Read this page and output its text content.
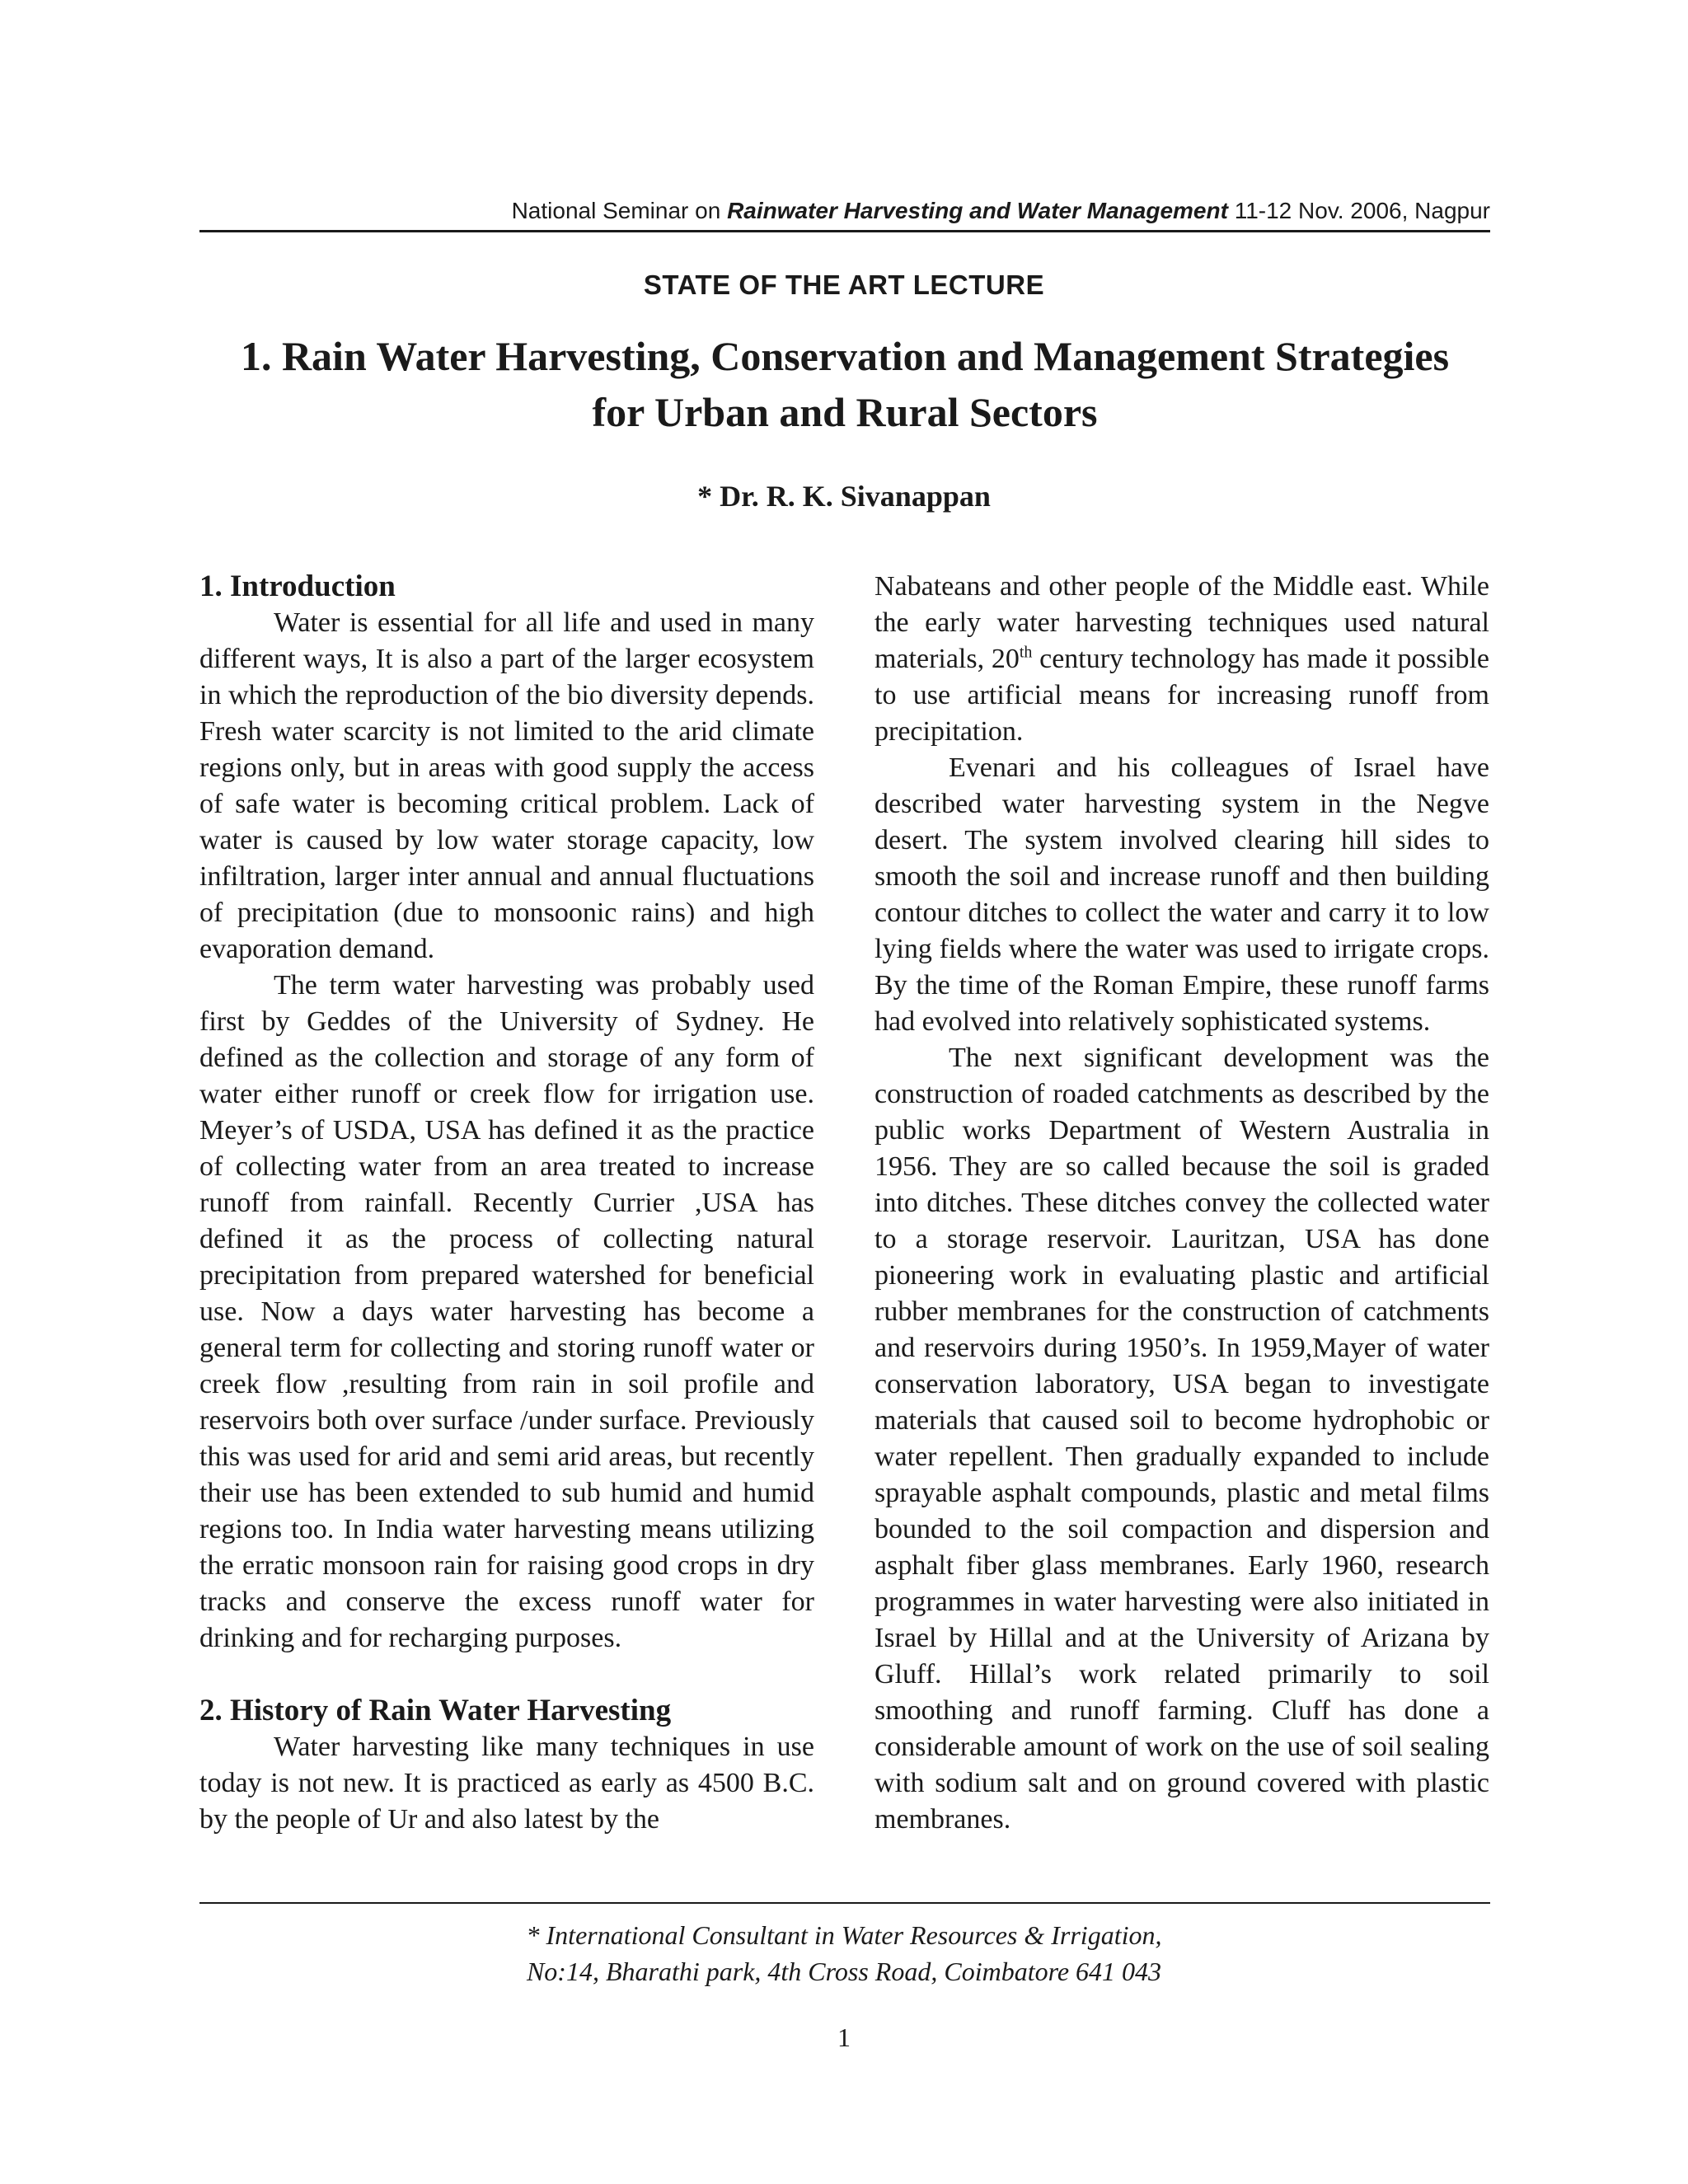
National Seminar on Rainwater Harvesting and Water Management 11-12 Nov. 2006, Nagpur
STATE OF THE ART LECTURE
1. Rain Water Harvesting, Conservation and Management Strategies
for Urban and Rural Sectors
* Dr. R. K. Sivanappan
1. Introduction

Water is essential for all life and used in many different ways, It is also a part of the larger ecosystem in which the reproduction of the bio diversity depends. Fresh water scarcity is not limited to the arid climate regions only, but in areas with good supply the access of safe water is becoming critical problem. Lack of water is caused by low water storage capacity, low infiltration, larger inter annual and annual fluctuations of precipitation (due to monsoonic rains) and high evaporation demand.

The term water harvesting was probably used first by Geddes of the University of Sydney. He defined as the collection and storage of any form of water either runoff or creek flow for irrigation use. Meyer’s of USDA, USA has defined it as the practice of collecting water from an area treated to increase runoff from rainfall. Recently Currier ,USA has defined it as the process of collecting natural precipitation from prepared watershed for beneficial use. Now a days water harvesting has become a general term for collecting and storing runoff water or creek flow ,resulting from rain in soil profile and reservoirs both over surface /under surface. Previously this was used for arid and semi arid areas, but recently their use has been extended to sub humid and humid regions too. In India water harvesting means utilizing the erratic monsoon rain for raising good crops in dry tracks and conserve the excess runoff water for drinking and for recharging purposes.

2. History of Rain Water Harvesting

Water harvesting like many techniques in use today is not new. It is practiced as early as 4500 B.C. by the people of Ur and also latest by the

Nabateans and other people of the Middle east. While the early water harvesting techniques used natural materials, 20th century technology has made it possible to use artificial means for increasing runoff from precipitation.

Evenari and his colleagues of Israel have described water harvesting system in the Negve desert. The system involved clearing hill sides to smooth the soil and increase runoff and then building contour ditches to collect the water and carry it to low lying fields where the water was used to irrigate crops. By the time of the Roman Empire, these runoff farms had evolved into relatively sophisticated systems.

The next significant development was the construction of roaded catchments as described by the public works Department of Western Australia in 1956. They are so called because the soil is graded into ditches. These ditches convey the collected water to a storage reservoir. Lauritzan, USA has done pioneering work in evaluating plastic and artificial rubber membranes for the construction of catchments and reservoirs during 1950’s. In 1959,Mayer of water conservation laboratory, USA began to investigate materials that caused soil to become hydrophobic or water repellent. Then gradually expanded to include sprayable asphalt compounds, plastic and metal films bounded to the soil compaction and dispersion and asphalt fiber glass membranes. Early 1960, research programmes in water harvesting were also initiated in Israel by Hillal and at the University of Arizana by Gluff. Hillal’s work related primarily to soil smoothing and runoff farming. Cluff has done a considerable amount of work on the use of soil sealing with sodium salt and on ground covered with plastic membranes.

* International Consultant in Water Resources & Irrigation,
No:14, Bharathi park, 4th Cross Road, Coimbatore 641 043
1
